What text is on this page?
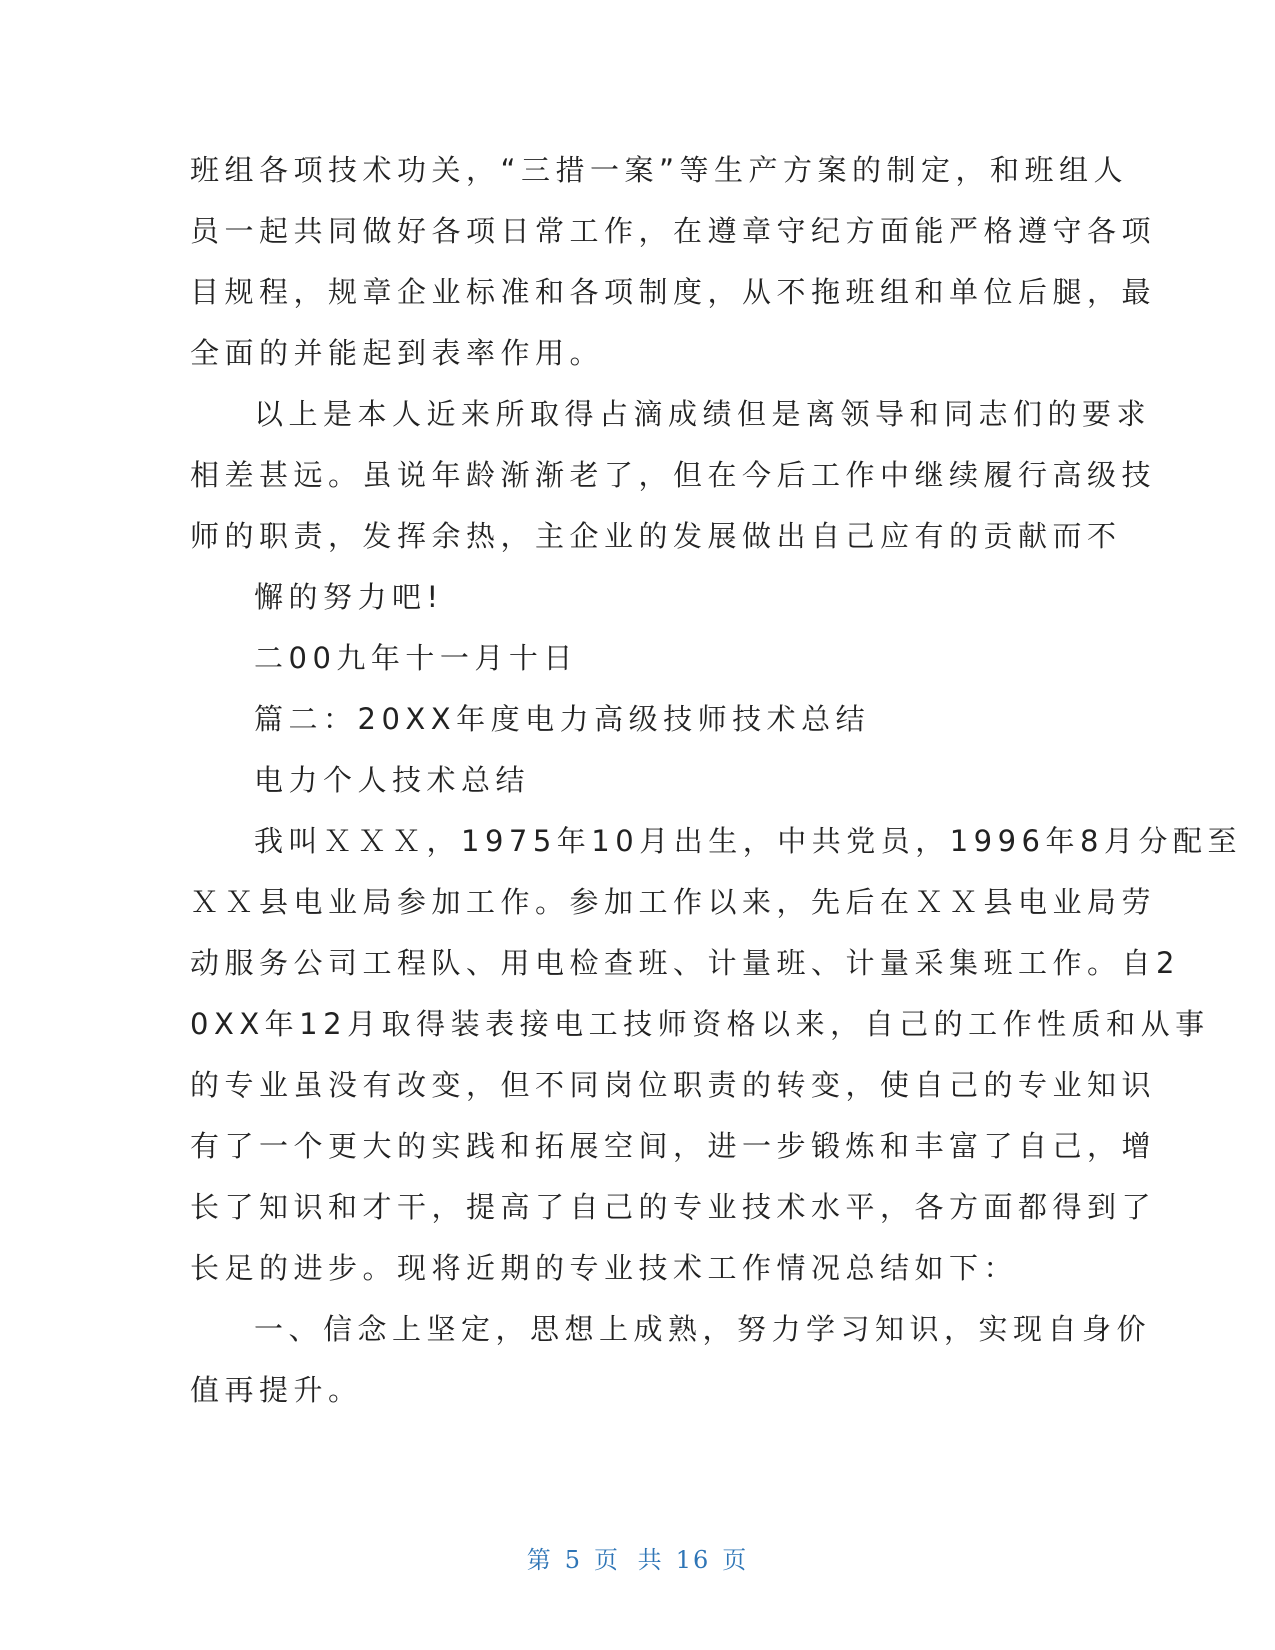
班组各项技术功关，“三措一案”等生产方案的制定，和班组人
员一起共同做好各项日常工作，在遵章守纪方面能严格遵守各项
目规程，规章企业标准和各项制度，从不拖班组和单位后腿，最
全面的并能起到表率作用。
以上是本人近来所取得占滴成绩但是离领导和同志们的要求
相差甚远。虽说年龄渐渐老了，但在今后工作中继续履行高级技
师的职责，发挥余热，主企业的发展做出自己应有的贡献而不
懈的努力吧!
二00九年十一月十日
篇二：20XX年度电力高级技师技术总结
电力个人技术总结
我叫ＸＸＸ，1975年10月出生，中共党员，1996年8月分配至
ＸＸ县电业局参加工作。参加工作以来，先后在ＸＸ县电业局劳
动服务公司工程队、用电检查班、计量班、计量采集班工作。自2
0XX年12月取得装表接电工技师资格以来，自己的工作性质和从事
的专业虽没有改变，但不同岗位职责的转变，使自己的专业知识
有了一个更大的实践和拓展空间，进一步锻炼和丰富了自己，增
长了知识和才干，提高了自己的专业技术水平，各方面都得到了
长足的进步。现将近期的专业技术工作情况总结如下：
一、信念上坚定，思想上成熟，努力学习知识，实现自身价
值再提升。
第 5 页 共 16 页
